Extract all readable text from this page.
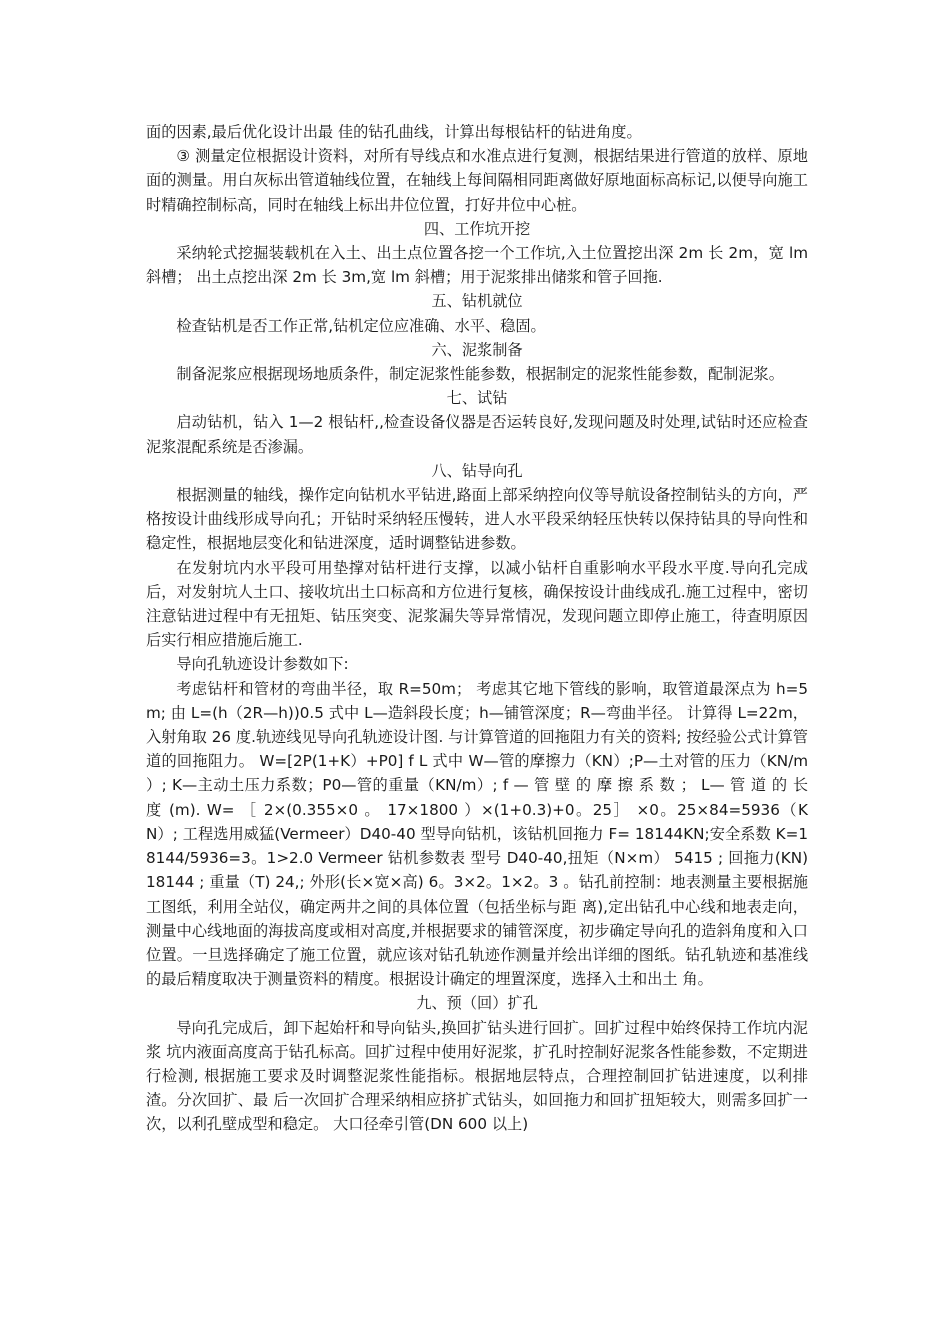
面的因素,最后优化设计出最 佳的钻孔曲线，计算出每根钻杆的钻进角度。

③ 测量定位根据设计资料，对所有导线点和水准点进行复测，根据结果进行管道的放样、原地面的测量。用白灰标出管道轴线位置，在轴线上每间隔相同距离做好原地面标高标记,以便导向施工时精确控制标高，同时在轴线上标出井位位置，打好井位中心桩。

四、工作坑开挖

采纳轮式挖掘装载机在入土、出土点位置各挖一个工作坑,入土位置挖出深 2m 长 2m，宽 lm 斜槽； 出土点挖出深 2m 长 3m,宽 lm 斜槽；用于泥浆排出储浆和管子回拖.

五、钻机就位

检查钻机是否工作正常,钻机定位应准确、水平、稳固。

六、泥浆制备

制备泥浆应根据现场地质条件，制定泥浆性能参数，根据制定的泥浆性能参数，配制泥浆。

七、试钻

启动钻机，钻入 1—2 根钻杆,,检查设备仪器是否运转良好,发现问题及时处理,试钻时还应检查泥浆混配系统是否渗漏。

八、钻导向孔

根据测量的轴线，操作定向钻机水平钻进,路面上部采纳控向仪等导航设备控制钻头的方向，严格按设计曲线形成导向孔；开钻时采纳轻压慢转，进人水平段采纳轻压快转以保持钻具的导向性和稳定性，根据地层变化和钻进深度，适时调整钻进参数。

在发射坑内水平段可用垫撑对钻杆进行支撑，以减小钻杆自重影响水平段水平度.导向孔完成后，对发射坑人土口、接收坑出土口标高和方位进行复核，确保按设计曲线成孔.施工过程中，密切注意钻进过程中有无扭矩、钻压突变、泥浆漏失等异常情况，发现问题立即停止施工，待查明原因后实行相应措施后施工.

导向孔轨迹设计参数如下:

考虑钻杆和管材的弯曲半径，取 R=50m； 考虑其它地下管线的影响，取管道最深点为 h=5m; 由 L=(h（2R—h))0.5 式中 L—造斜段长度；h—铺管深度；R—弯曲半径。 计算得 L=22m，入射角取 26 度.轨迹线见导向孔轨迹设计图. 与计算管道的回拖阻力有关的资料; 按经验公式计算管道的回拖阻力。 W=[2P(1+K）+P0] f L 式中 W—管的摩擦力（KN）;P—土对管的压力（KN/m ）; K—主动土压力系数；P0—管的重量（KN/m）; f — 管 壁 的 摩 擦 系 数 ； L— 管 道 的 长 度 (m). W= ［ 2×(0.355×0 。 17×1800 ）×(1+0.3)+0。25］ ×0。25×84=5936（KN）; 工程选用威猛(Vermeer）D40-40 型导向钻机，该钻机回拖力 F= 18144KN;安全系数 K=18144/5936=3。1>2.0 Vermeer 钻机参数表 型号 D40-40,扭矩（N×m） 5415 ; 回拖力(KN) 18144 ; 重量（T) 24,; 外形(长×宽×高) 6。3×2。1×2。3 。钻孔前控制：地表测量主要根据施工图纸，利用全站仪，确定两井之间的具体位置（包括坐标与距 离),定出钻孔中心线和地表走向，测量中心线地面的海拔高度或相对高度,并根据要求的铺管深度，初步确定导向孔的造斜角度和入口位置。一旦选择确定了施工位置，就应该对钻孔轨迹作测量并绘出详细的图纸。钻孔轨迹和基准线的最后精度取决于测量资料的精度。根据设计确定的埋置深度，选择入土和出土 角。

九、预（回）扩孔

导向孔完成后，卸下起始杆和导向钻头,换回扩钻头进行回扩。回扩过程中始终保持工作坑内泥浆 坑内液面高度高于钻孔标高。回扩过程中使用好泥浆，扩孔时控制好泥浆各性能参数，不定期进行检测, 根据施工要求及时调整泥浆性能指标。根据地层特点，合理控制回扩钻进速度，以利排渣。分次回扩、最 后一次回扩合理采纳相应挤扩式钻头，如回拖力和回扩扭矩较大，则需多回扩一次，以利孔壁成型和稳定。 大口径牵引管(DN 600 以上)
